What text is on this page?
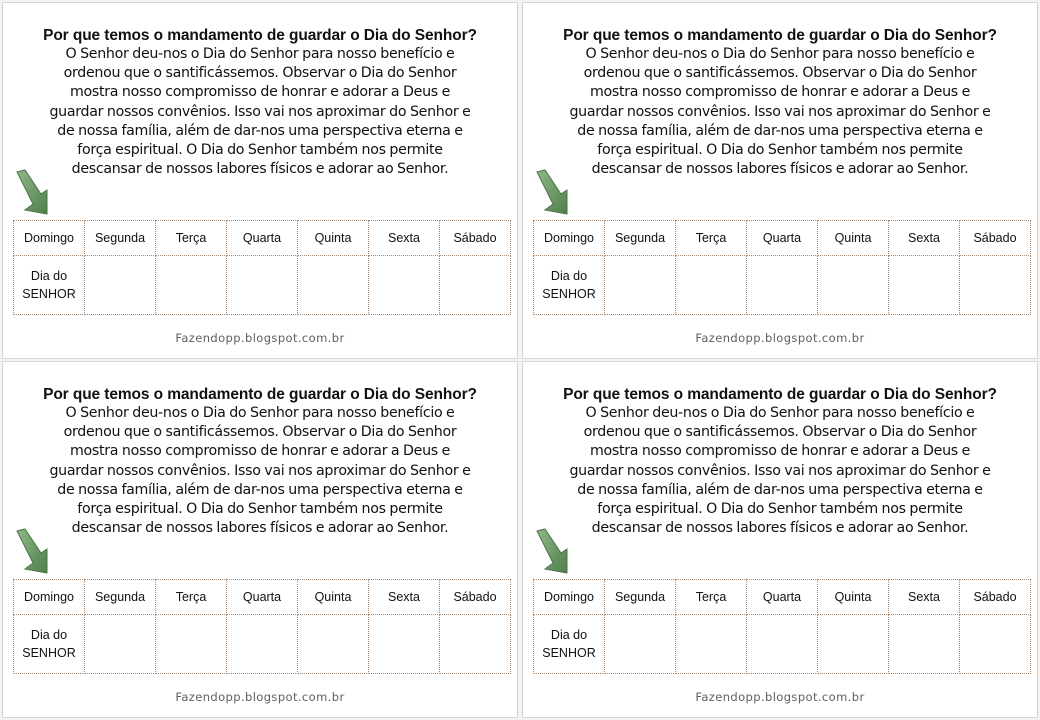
Por que temos o mandamento de guardar o Dia do Senhor?
O Senhor deu-nos o Dia do Senhor para nosso benefício e
ordenou que o santificássemos. Observar o Dia do Senhor
mostra nosso compromisso de honrar e adorar a Deus e
guardar nossos convênios. Isso vai nos aproximar do Senhor e
de nossa família, além de dar-nos uma perspectiva eterna e
força espiritual. O Dia do Senhor também nos permite
descansar de nossos labores físicos e adorar ao Senhor.
Domingo	Segunda	Terça	Quarta	Quinta	Sexta	Sábado

Dia do
SENHOR						

Fazendopp.blogspot.com.br
Por que temos o mandamento de guardar o Dia do Senhor?
O Senhor deu-nos o Dia do Senhor para nosso benefício e
ordenou que o santificássemos. Observar o Dia do Senhor
mostra nosso compromisso de honrar e adorar a Deus e
guardar nossos convênios. Isso vai nos aproximar do Senhor e
de nossa família, além de dar-nos uma perspectiva eterna e
força espiritual. O Dia do Senhor também nos permite
descansar de nossos labores físicos e adorar ao Senhor.
Domingo	Segunda	Terça	Quarta	Quinta	Sexta	Sábado

Dia do
SENHOR						

Fazendopp.blogspot.com.br
Por que temos o mandamento de guardar o Dia do Senhor?
O Senhor deu-nos o Dia do Senhor para nosso benefício e
ordenou que o santificássemos. Observar o Dia do Senhor
mostra nosso compromisso de honrar e adorar a Deus e
guardar nossos convênios. Isso vai nos aproximar do Senhor e
de nossa família, além de dar-nos uma perspectiva eterna e
força espiritual. O Dia do Senhor também nos permite
descansar de nossos labores físicos e adorar ao Senhor.
Domingo	Segunda	Terça	Quarta	Quinta	Sexta	Sábado

Dia do
SENHOR						

Fazendopp.blogspot.com.br
Por que temos o mandamento de guardar o Dia do Senhor?
O Senhor deu-nos o Dia do Senhor para nosso benefício e
ordenou que o santificássemos. Observar o Dia do Senhor
mostra nosso compromisso de honrar e adorar a Deus e
guardar nossos convênios. Isso vai nos aproximar do Senhor e
de nossa família, além de dar-nos uma perspectiva eterna e
força espiritual. O Dia do Senhor também nos permite
descansar de nossos labores físicos e adorar ao Senhor.
Domingo	Segunda	Terça	Quarta	Quinta	Sexta	Sábado

Dia do
SENHOR						

Fazendopp.blogspot.com.br
